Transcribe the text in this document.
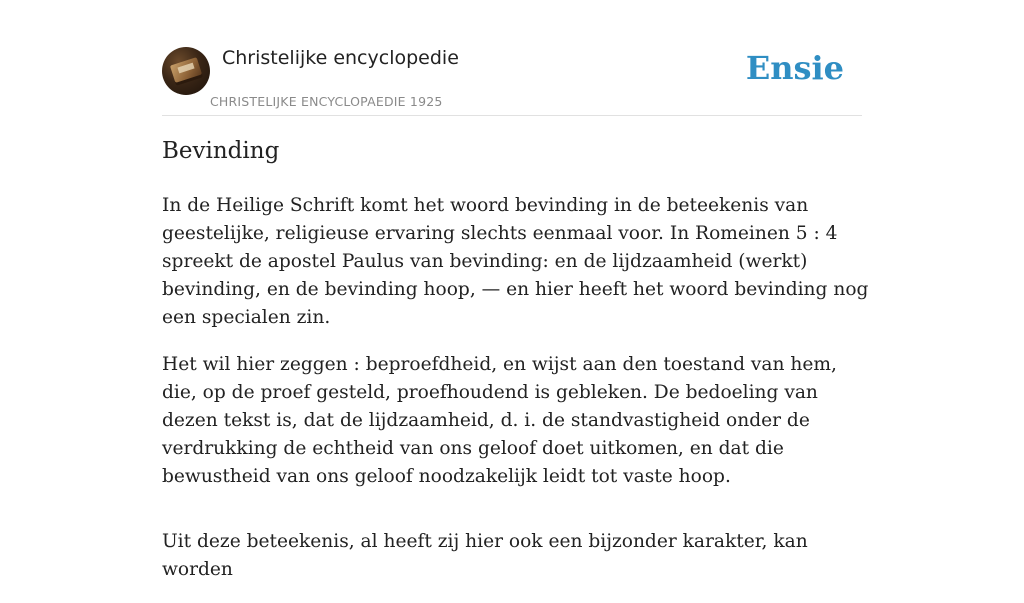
Christelijke encyclopedie
CHRISTELIJKE ENCYCLOPAEDIE 1925
Ensie
Bevinding

In de Heilige Schrift komt het woord bevinding in de beteekenis van geestelijke, religieuse ervaring slechts eenmaal voor. In Romeinen 5 : 4 spreekt de apostel Paulus van bevinding: en de lijdzaamheid (werkt) bevinding, en de bevinding hoop, — en hier heeft het woord bevinding nog een specialen zin.

Het wil hier zeggen : beproefdheid, en wijst aan den toestand van hem, die, op de proef gesteld, proefhoudend is gebleken. De bedoeling van dezen tekst is, dat de lijdzaamheid, d. i. de standvastigheid onder de verdrukking de echtheid van ons geloof doet uitkomen, en dat die bewustheid van ons geloof noodzakelijk leidt tot vaste hoop.

Uit deze beteekenis, al heeft zij hier ook een bijzonder karakter, kan worden
